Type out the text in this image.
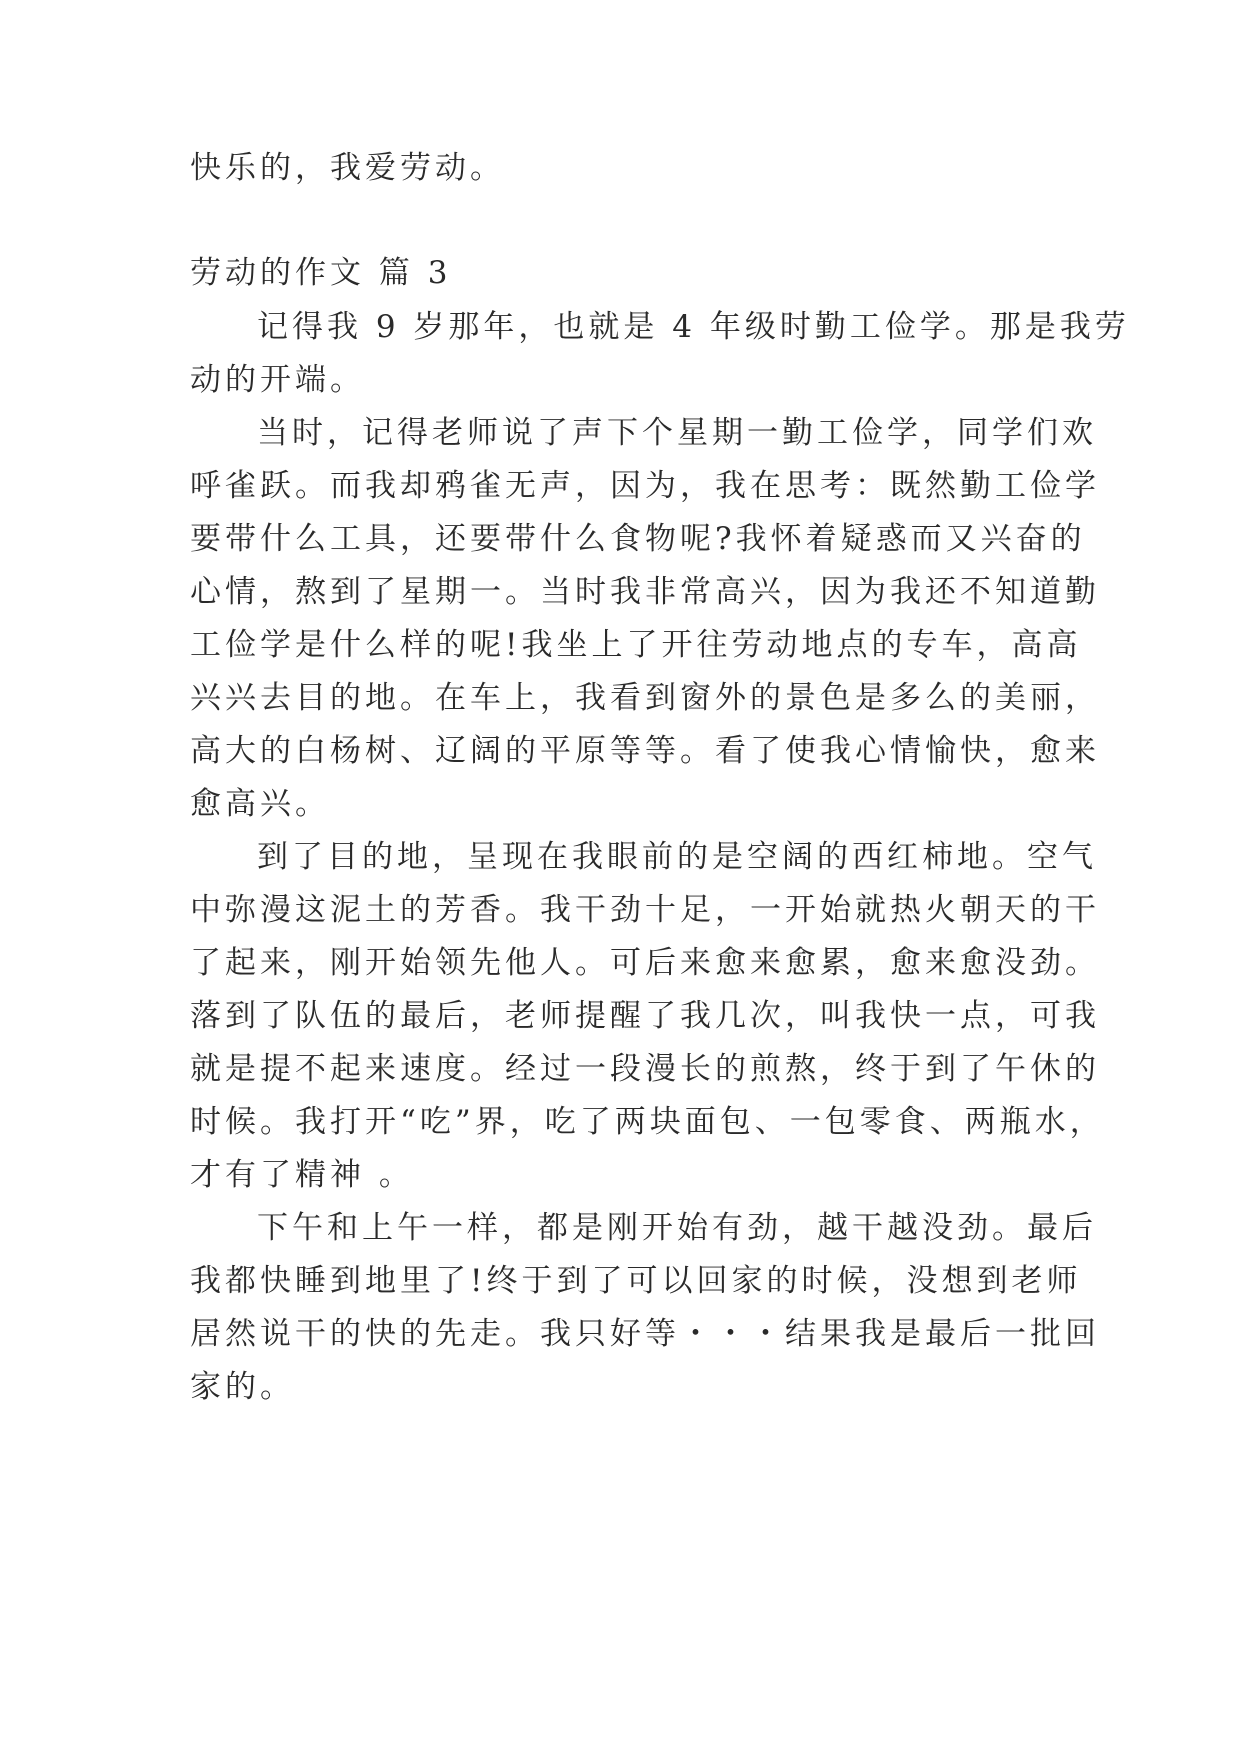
快乐的，我爱劳动。
劳动的作文 篇 3
记得我 9 岁那年，也就是 4 年级时勤工俭学。那是我劳
动的开端。
当时，记得老师说了声下个星期一勤工俭学，同学们欢
呼雀跃。而我却鸦雀无声，因为，我在思考：既然勤工俭学
要带什么工具，还要带什么食物呢?我怀着疑惑而又兴奋的
心情，熬到了星期一。当时我非常高兴，因为我还不知道勤
工俭学是什么样的呢!我坐上了开往劳动地点的专车，高高
兴兴去目的地。在车上，我看到窗外的景色是多么的美丽，
高大的白杨树、辽阔的平原等等。看了使我心情愉快，愈来
愈高兴。
到了目的地，呈现在我眼前的是空阔的西红柿地。空气
中弥漫这泥土的芳香。我干劲十足，一开始就热火朝天的干
了起来，刚开始领先他人。可后来愈来愈累，愈来愈没劲。
落到了队伍的最后，老师提醒了我几次，叫我快一点，可我
就是提不起来速度。经过一段漫长的煎熬，终于到了午休的
时候。我打开“吃”界，吃了两块面包、一包零食、两瓶水，
才有了精神 。
下午和上午一样，都是刚开始有劲，越干越没劲。最后
我都快睡到地里了!终于到了可以回家的时候，没想到老师
居然说干的快的先走。我只好等・・・结果我是最后一批回
家的。
